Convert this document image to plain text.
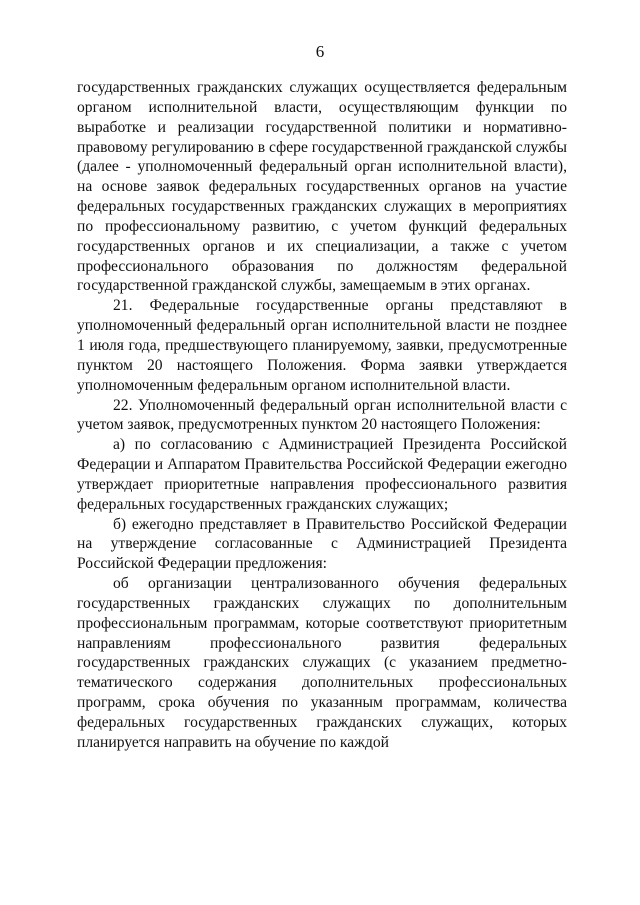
6

государственных гражданских служащих осуществляется федеральным органом исполнительной власти, осуществляющим функции по выработке и реализации государственной политики и нормативно-правовому регулированию в сфере государственной гражданской службы (далее - уполномоченный федеральный орган исполнительной власти), на основе заявок федеральных государственных органов на участие федеральных государственных гражданских служащих в мероприятиях по профессиональному развитию, с учетом функций федеральных государственных органов и их специализации, а также с учетом профессионального образования по должностям федеральной государственной гражданской службы, замещаемым в этих органах.

21. Федеральные государственные органы представляют в уполномоченный федеральный орган исполнительной власти не позднее 1 июля года, предшествующего планируемому, заявки, предусмотренные пунктом 20 настоящего Положения. Форма заявки утверждается уполномоченным федеральным органом исполнительной власти.

22. Уполномоченный федеральный орган исполнительной власти с учетом заявок, предусмотренных пунктом 20 настоящего Положения:

а) по согласованию с Администрацией Президента Российской Федерации и Аппаратом Правительства Российской Федерации ежегодно утверждает приоритетные направления профессионального развития федеральных государственных гражданских служащих;

б) ежегодно представляет в Правительство Российской Федерации на утверждение согласованные с Администрацией Президента Российской Федерации предложения:

об организации централизованного обучения федеральных государственных гражданских служащих по дополнительным профессиональным программам, которые соответствуют приоритетным направлениям профессионального развития федеральных государственных гражданских служащих (с указанием предметно-тематического содержания дополнительных профессиональных программ, срока обучения по указанным программам, количества федеральных государственных гражданских служащих, которых планируется направить на обучение по каждой
